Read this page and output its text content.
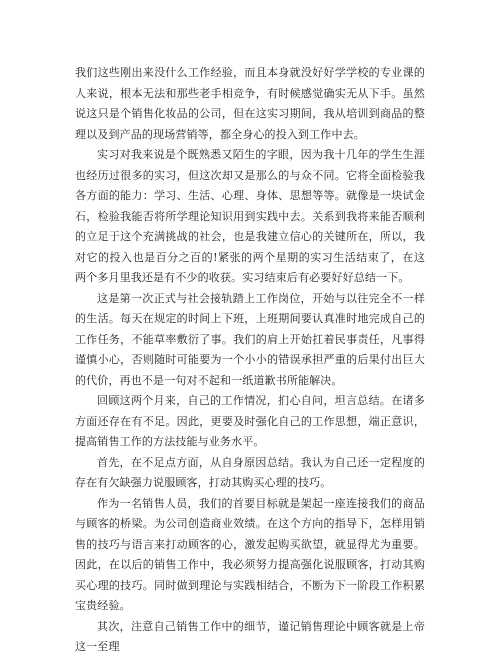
我们这些刚出来没什么工作经验，而且本身就没好好学学校的专业课的人来说，根本无法和那些老手相竞争，有时候感觉确实无从下手。虽然说这只是个销售化妆品的公司，但在这实习期间，我从培训到商品的整理以及到产品的现场营销等，都全身心的投入到工作中去。

实习对我来说是个既熟悉又陌生的字眼，因为我十几年的学生生涯也经历过很多的实习，但这次却又是那么的与众不同。它将全面检验我各方面的能力：学习、生活、心理、身体、思想等等。就像是一块试金石，检验我能否将所学理论知识用到实践中去。关系到我将来能否顺利的立足于这个充满挑战的社会，也是我建立信心的关键所在，所以，我对它的投入也是百分之百的!紧张的两个星期的实习生活结束了，在这两个多月里我还是有不少的收获。实习结束后有必要好好总结一下。

这是第一次正式与社会接轨踏上工作岗位，开始与以往完全不一样的生活。每天在规定的时间上下班，上班期间要认真准时地完成自己的工作任务，不能草率敷衍了事。我们的肩上开始扛着民事责任，凡事得谨慎小心，否则随时可能要为一个小小的错误承担严重的后果付出巨大的代价，再也不是一句对不起和一纸道歉书所能解决。

回顾这两个月来，自己的工作情况，扪心自问，坦言总结。在诸多方面还存在有不足。因此，更要及时强化自己的工作思想，端正意识，提高销售工作的方法技能与业务水平。

首先，在不足点方面，从自身原因总结。我认为自己还一定程度的存在有欠缺强力说服顾客，打动其购买心理的技巧。

作为一名销售人员，我们的首要目标就是架起一座连接我们的商品与顾客的桥梁。为公司创造商业效绩。在这个方向的指导下，怎样用销售的技巧与语言来打动顾客的心，激发起购买欲望，就显得尤为重要。因此，在以后的销售工作中，我必须努力提高强化说服顾客，打动其购买心理的技巧。同时做到理论与实践相结合，不断为下一阶段工作积累宝贵经验。

其次，注意自己销售工作中的细节，谨记销售理论中顾客就是上帝这一至理
